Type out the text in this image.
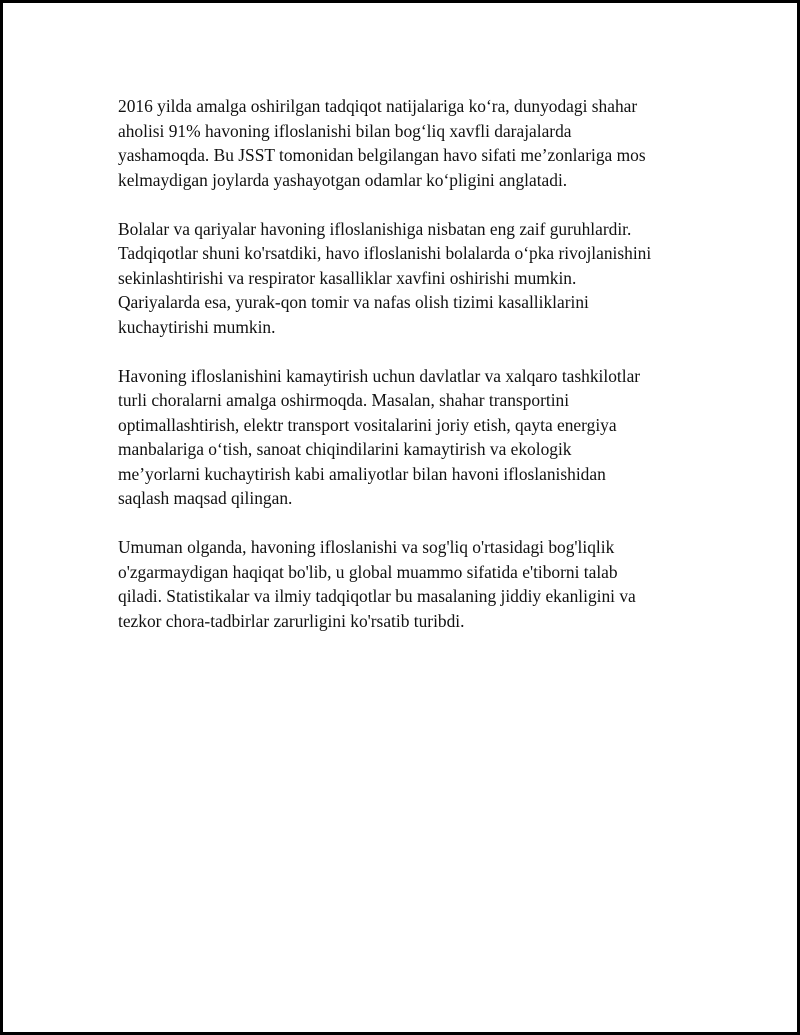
2016 yilda amalga oshirilgan tadqiqot natijalariga ko‘ra, dunyodagi shahar
aholisi 91% havoning ifloslanishi bilan bog‘liq xavfli darajalarda
yashamoqda. Bu JSST tomonidan belgilangan havo sifati me’zonlariga mos
kelmaydigan joylarda yashayotgan odamlar ko‘pligini anglatadi.

Bolalar va qariyalar havoning ifloslanishiga nisbatan eng zaif guruhlardir.
Tadqiqotlar shuni ko'rsatdiki, havo ifloslanishi bolalarda o‘pka rivojlanishini
sekinlashtirishi va respirator kasalliklar xavfini oshirishi mumkin.
Qariyalarda esa, yurak-qon tomir va nafas olish tizimi kasalliklarini
kuchaytirishi mumkin.

Havoning ifloslanishini kamaytirish uchun davlatlar va xalqaro tashkilotlar
turli choralarni amalga oshirmoqda. Masalan, shahar transportini
optimallashtirish, elektr transport vositalarini joriy etish, qayta energiya
manbalariga o‘tish, sanoat chiqindilarini kamaytirish va ekologik
me’yorlarni kuchaytirish kabi amaliyotlar bilan havoni ifloslanishidan
saqlash maqsad qilingan.

Umuman olganda, havoning ifloslanishi va sog'liq o'rtasidagi bog'liqlik
o'zgarmaydigan haqiqat bo'lib, u global muammo sifatida e'tiborni talab
qiladi. Statistikalar va ilmiy tadqiqotlar bu masalaning jiddiy ekanligini va
tezkor chora-tadbirlar zarurligini ko'rsatib turibdi.
